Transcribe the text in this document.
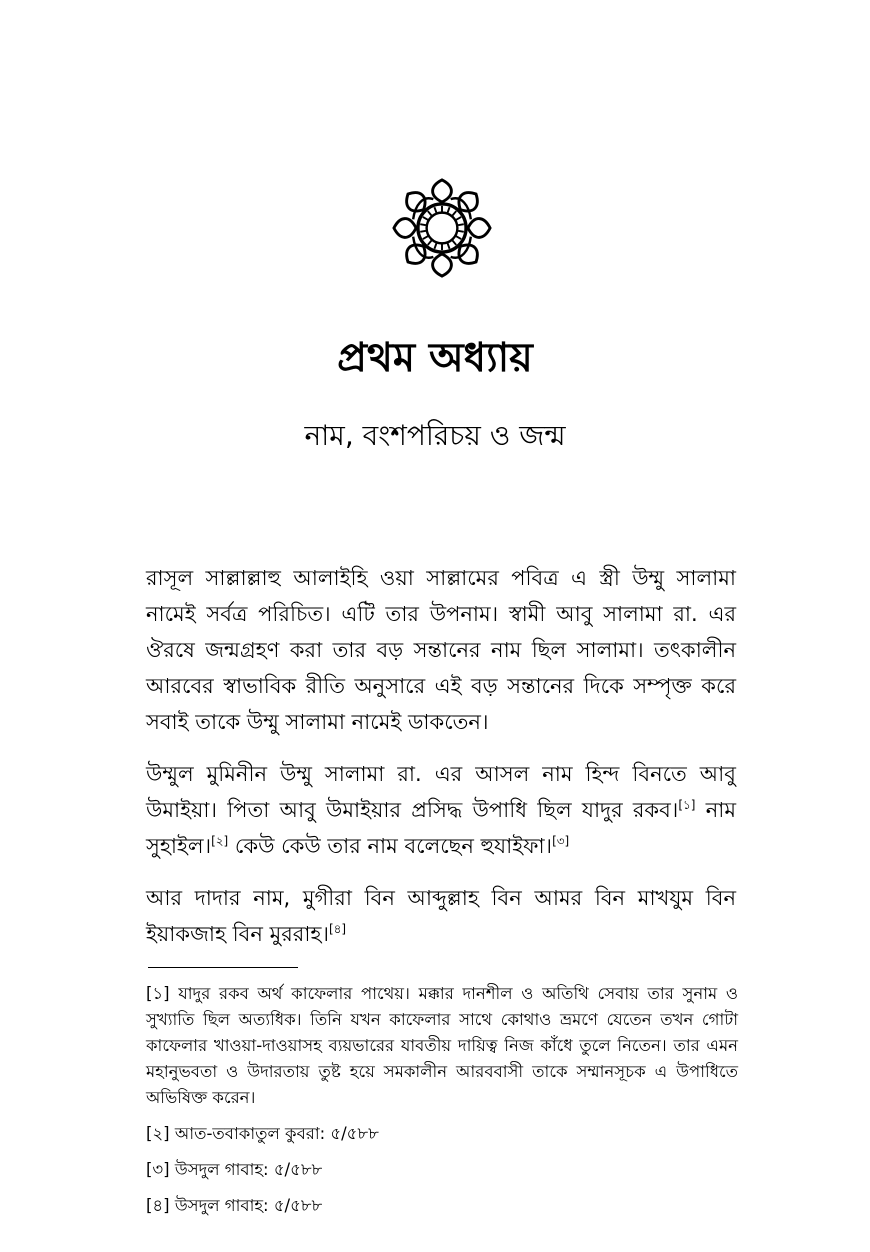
প্রথম অধ্যায়
নাম, বংশপরিচয় ও জন্ম

রাসূল সাল্লাল্লাহু আলাইহি ওয়া সাল্লামের পবিত্র এ স্ত্রী উম্মু সালামা নামেই সর্বত্র পরিচিত। এটি তার উপনাম। স্বামী আবু সালামা রা. এর ঔরষে জন্মগ্রহণ করা তার বড় সন্তানের নাম ছিল সালামা। তৎকালীন আরবের স্বাভাবিক রীতি অনুসারে এই বড় সন্তানের দিকে সম্পৃক্ত করে সবাই তাকে উম্মু সালামা নামেই ডাকতেন।

উম্মুল মুমিনীন উম্মু সালামা রা. এর আসল নাম হিন্দ বিনতে আবু উমাইয়া। পিতা আবু উমাইয়ার প্রসিদ্ধ উপাধি ছিল যাদুর রকব।[১] নাম সুহাইল।[২] কেউ কেউ তার নাম বলেছেন হুযাইফা।[৩]

আর দাদার নাম, মুগীরা বিন আব্দুল্লাহ বিন আমর বিন মাখযুম বিন ইয়াকজাহ বিন মুররাহ।[৪]

[১] যাদুর রকব অর্থ কাফেলার পাথেয়। মক্কার দানশীল ও অতিথি সেবায় তার সুনাম ও সুখ্যাতি ছিল অত্যধিক। তিনি যখন কাফেলার সাথে কোথাও ভ্রমণে যেতেন তখন গোটা কাফেলার খাওয়া-দাওয়াসহ ব্যয়ভারের যাবতীয় দায়িত্ব নিজ কাঁধে তুলে নিতেন। তার এমন মহানুভবতা ও উদারতায় তুষ্ট হয়ে সমকালীন আরববাসী তাকে সম্মানসূচক এ উপাধিতে অভিষিক্ত করেন।
[২] আত-তবাকাতুল কুবরা: ৫/৫৮৮
[৩] উসদুল গাবাহ: ৫/৫৮৮
[৪] উসদুল গাবাহ: ৫/৫৮৮
